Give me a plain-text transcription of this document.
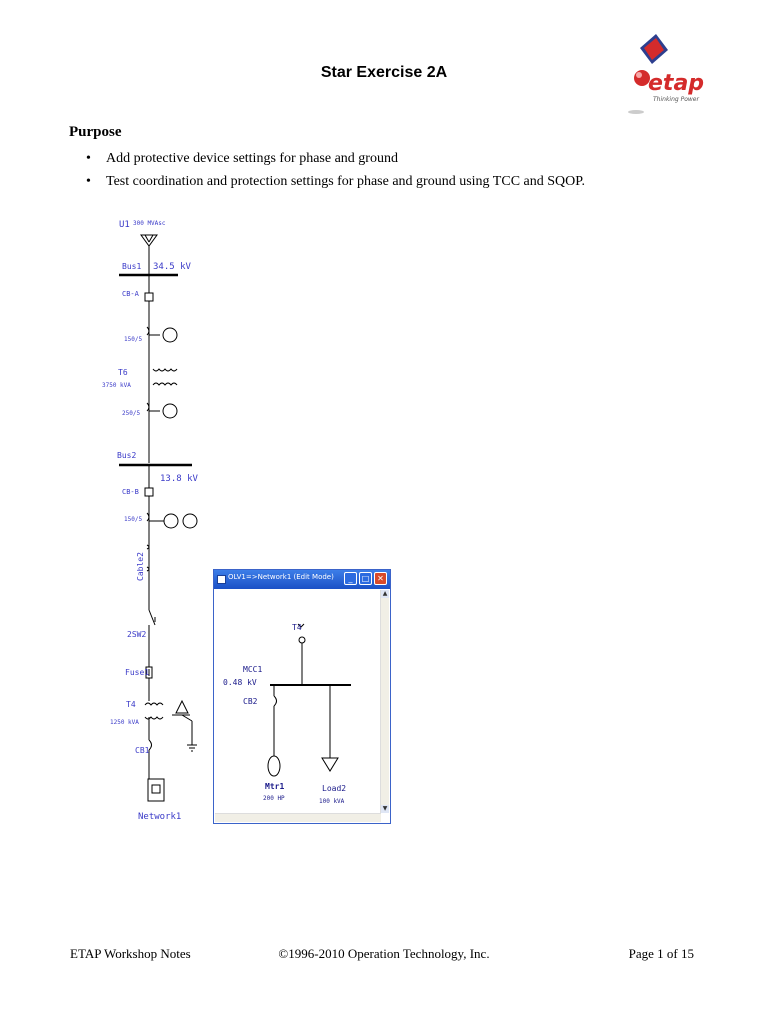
Star Exercise 2A	etap
Thinking Power
Purpose
• Add protective device settings for phase and ground
• Test coordination and protection settings for phase and ground using TCC and SQOP.
U1 300 MVAsc
Bus1 34.5 kV
CB-A
150/5
T6
3750 kVA
250/5
Bus2
13.8 kV
CB-B
150/5
Cable2
2SW2
Fuse1
T4
1250 kVA
CB1
Network1
OLV1=>Network1 (Edit Mode)	_	□ ✕
T4
MCC1
0.48 kV
CB2
Mtr1
200 HP
Load2
100 kVA
▲
▼
ETAP Workshop Notes	©1996-2010 Operation Technology, Inc.	Page 1 of 15
